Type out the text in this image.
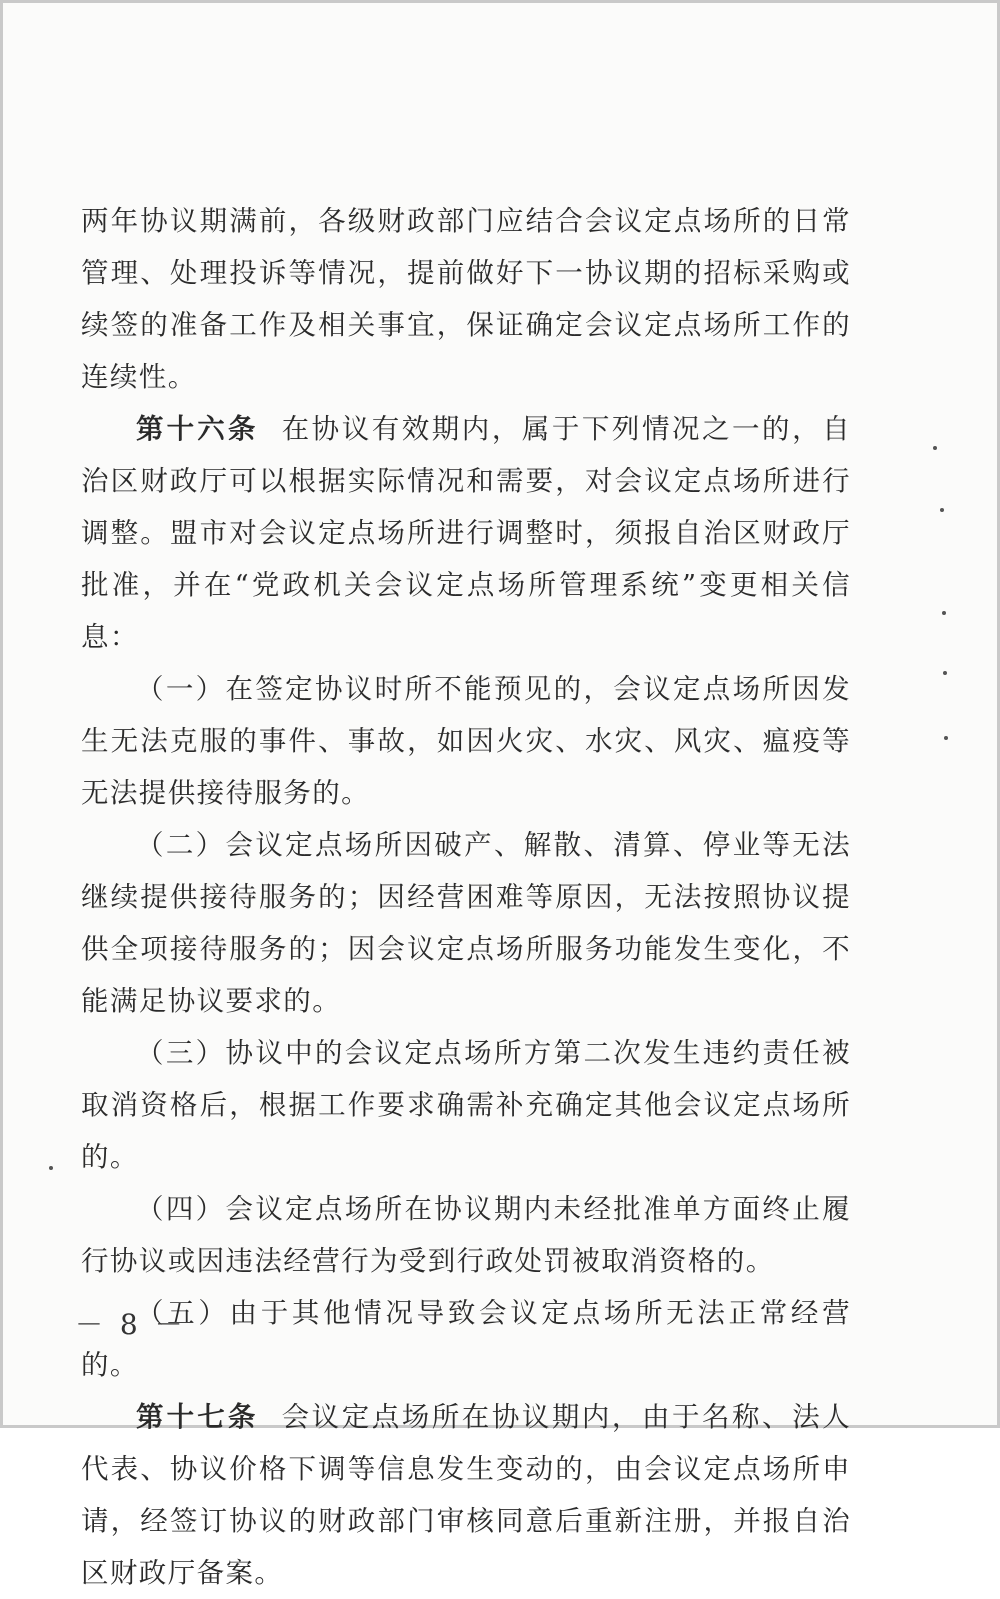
两年协议期满前，各级财政部门应结合会议定点场所的日常管理、处理投诉等情况，提前做好下一协议期的招标采购或续签的准备工作及相关事宜，保证确定会议定点场所工作的连续性。

第十六条 在协议有效期内，属于下列情况之一的，自治区财政厅可以根据实际情况和需要，对会议定点场所进行调整。盟市对会议定点场所进行调整时，须报自治区财政厅批准，并在“党政机关会议定点场所管理系统”变更相关信息：

（一）在签定协议时所不能预见的，会议定点场所因发生无法克服的事件、事故，如因火灾、水灾、风灾、瘟疫等无法提供接待服务的。

（二）会议定点场所因破产、解散、清算、停业等无法继续提供接待服务的；因经营困难等原因，无法按照协议提供全项接待服务的；因会议定点场所服务功能发生变化，不能满足协议要求的。

（三）协议中的会议定点场所方第二次发生违约责任被取消资格后，根据工作要求确需补充确定其他会议定点场所的。

（四）会议定点场所在协议期内未经批准单方面终止履行协议或因违法经营行为受到行政处罚被取消资格的。

（五）由于其他情况导致会议定点场所无法正常经营的。

第十七条 会议定点场所在协议期内，由于名称、法人代表、协议价格下调等信息发生变动的，由会议定点场所申请，经签订协议的财政部门审核同意后重新注册，并报自治区财政厅备案。

－ 8 －
